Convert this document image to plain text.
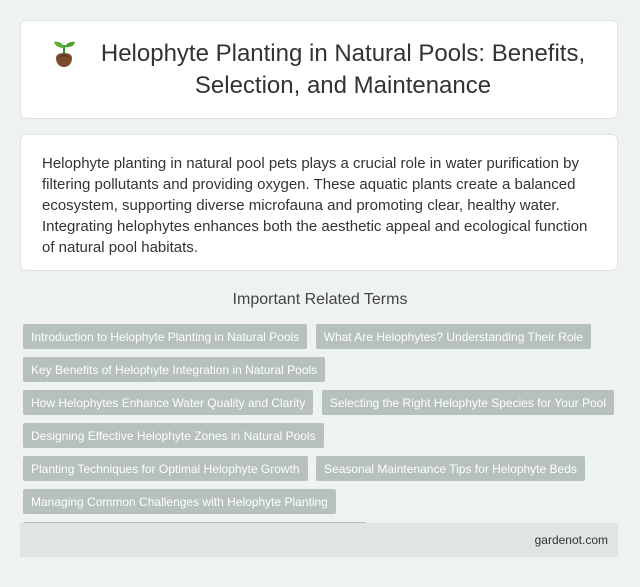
Helophyte Planting in Natural Pools: Benefits, Selection, and Maintenance

Helophyte planting in natural pool pets plays a crucial role in water purification by filtering pollutants and providing oxygen. These aquatic plants create a balanced ecosystem, supporting diverse microfauna and promoting clear, healthy water. Integrating helophytes enhances both the aesthetic appeal and ecological function of natural pool habitats.

Important Related Terms
Introduction to Helophyte Planting in Natural Pools What Are Helophytes? Understanding Their Role Key Benefits of Helophyte Integration in Natural Pools How Helophytes Enhance Water Quality and Clarity Selecting the Right Helophyte Species for Your Pool Designing Effective Helophyte Zones in Natural Pools Planting Techniques for Optimal Helophyte Growth Seasonal Maintenance Tips for Helophyte Beds Managing Common Challenges with Helophyte Planting
gardenot.com
